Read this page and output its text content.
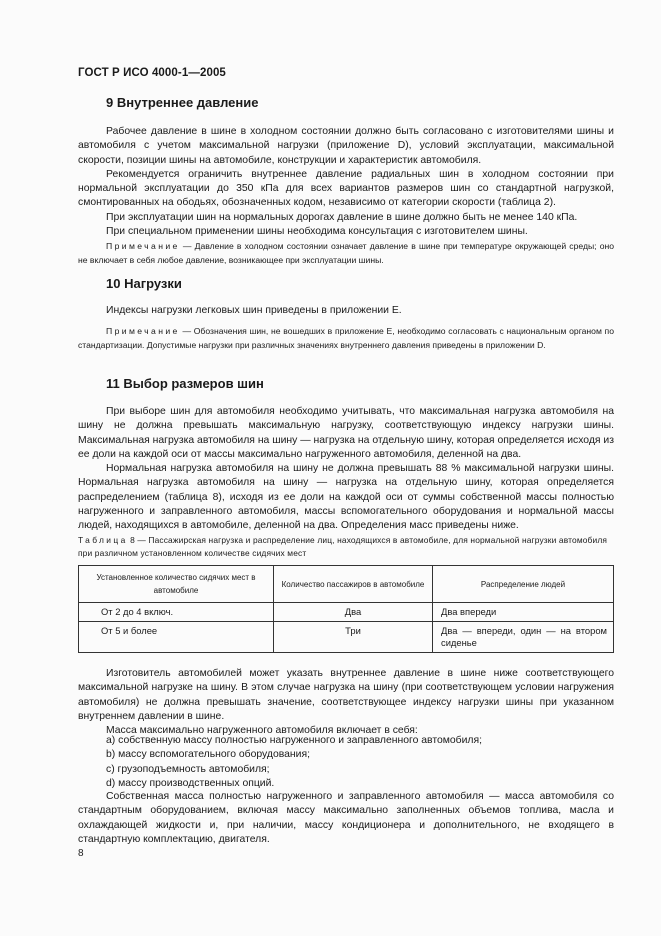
ГОСТ Р ИСО 4000-1—2005
9 Внутреннее давление

Рабочее давление в шине в холодном состоянии должно быть согласовано с изготовителями шины и автомобиля с учетом максимальной нагрузки (приложение D), условий эксплуатации, максимальной скорости, позиции шины на автомобиле, конструкции и характеристик автомобиля.

Рекомендуется ограничить внутреннее давление радиальных шин в холодном состоянии при нормальной эксплуатации до 350 кПа для всех вариантов размеров шин со стандартной нагрузкой, смонтированных на ободьях, обозначенных кодом, независимо от категории скорости (таблица 2).

При эксплуатации шин на нормальных дорогах давление в шине должно быть не менее 140 кПа.

При специальном применении шины необходима консультация с изготовителем шины.

Примечание — Давление в холодном состоянии означает давление в шине при температуре окружающей среды; оно не включает в себя любое давление, возникающее при эксплуатации шины.

10 Нагрузки

Индексы нагрузки легковых шин приведены в приложении Е.

Примечание — Обозначения шин, не вошедших в приложение Е, необходимо согласовать с национальным органом по стандартизации. Допустимые нагрузки при различных значениях внутреннего давления приведены в приложении D.

11 Выбор размеров шин

При выборе шин для автомобиля необходимо учитывать, что максимальная нагрузка автомобиля на шину не должна превышать максимальную нагрузку, соответствующую индексу нагрузки шины. Максимальная нагрузка автомобиля на шину — нагрузка на отдельную шину, которая определяется исходя из ее доли на каждой оси от массы максимально нагруженного автомобиля, деленной на два.

Нормальная нагрузка автомобиля на шину не должна превышать 88 % максимальной нагрузки шины. Нормальная нагрузка автомобиля на шину — нагрузка на отдельную шину, которая определяется распределением (таблица 8), исходя из ее доли на каждой оси от суммы собственной массы полностью нагруженного и заправленного автомобиля, массы вспомогательного оборудования и нормальной массы людей, находящихся в автомобиле, деленной на два. Определения масс приведены ниже.

Таблица 8 — Пассажирская нагрузка и распределение лиц, находящихся в автомобиле, для нормальной нагрузки автомобиля при различном установленном количестве сидячих мест
Установленное количество сидячих мест в автомобиле	Количество пассажиров в автомобиле	Распределение людей
От 2 до 4 включ.	Два	Два впереди
От 5 и более	Три	Два — впереди, один — на втором сиденье

Изготовитель автомобилей может указать внутреннее давление в шине ниже соответствующего максимальной нагрузке на шину. В этом случае нагрузка на шину (при соответствующем условии нагружения автомобиля) не должна превышать значение, соответствующее индексу нагрузки шины при указанном внутреннем давлении в шине.

Масса максимально нагруженного автомобиля включает в себя:

а) собственную массу полностью нагруженного и заправленного автомобиля;
b) массу вспомогательного оборудования;
c) грузоподъемность автомобиля;
d) массу производственных опций.

Собственная масса полностью нагруженного и заправленного автомобиля — масса автомобиля со стандартным оборудованием, включая массу максимально заполненных объемов топлива, масла и охлаждающей жидкости и, при наличии, массу кондиционера и дополнительного, не входящего в стандартную комплектацию, двигателя.

8
